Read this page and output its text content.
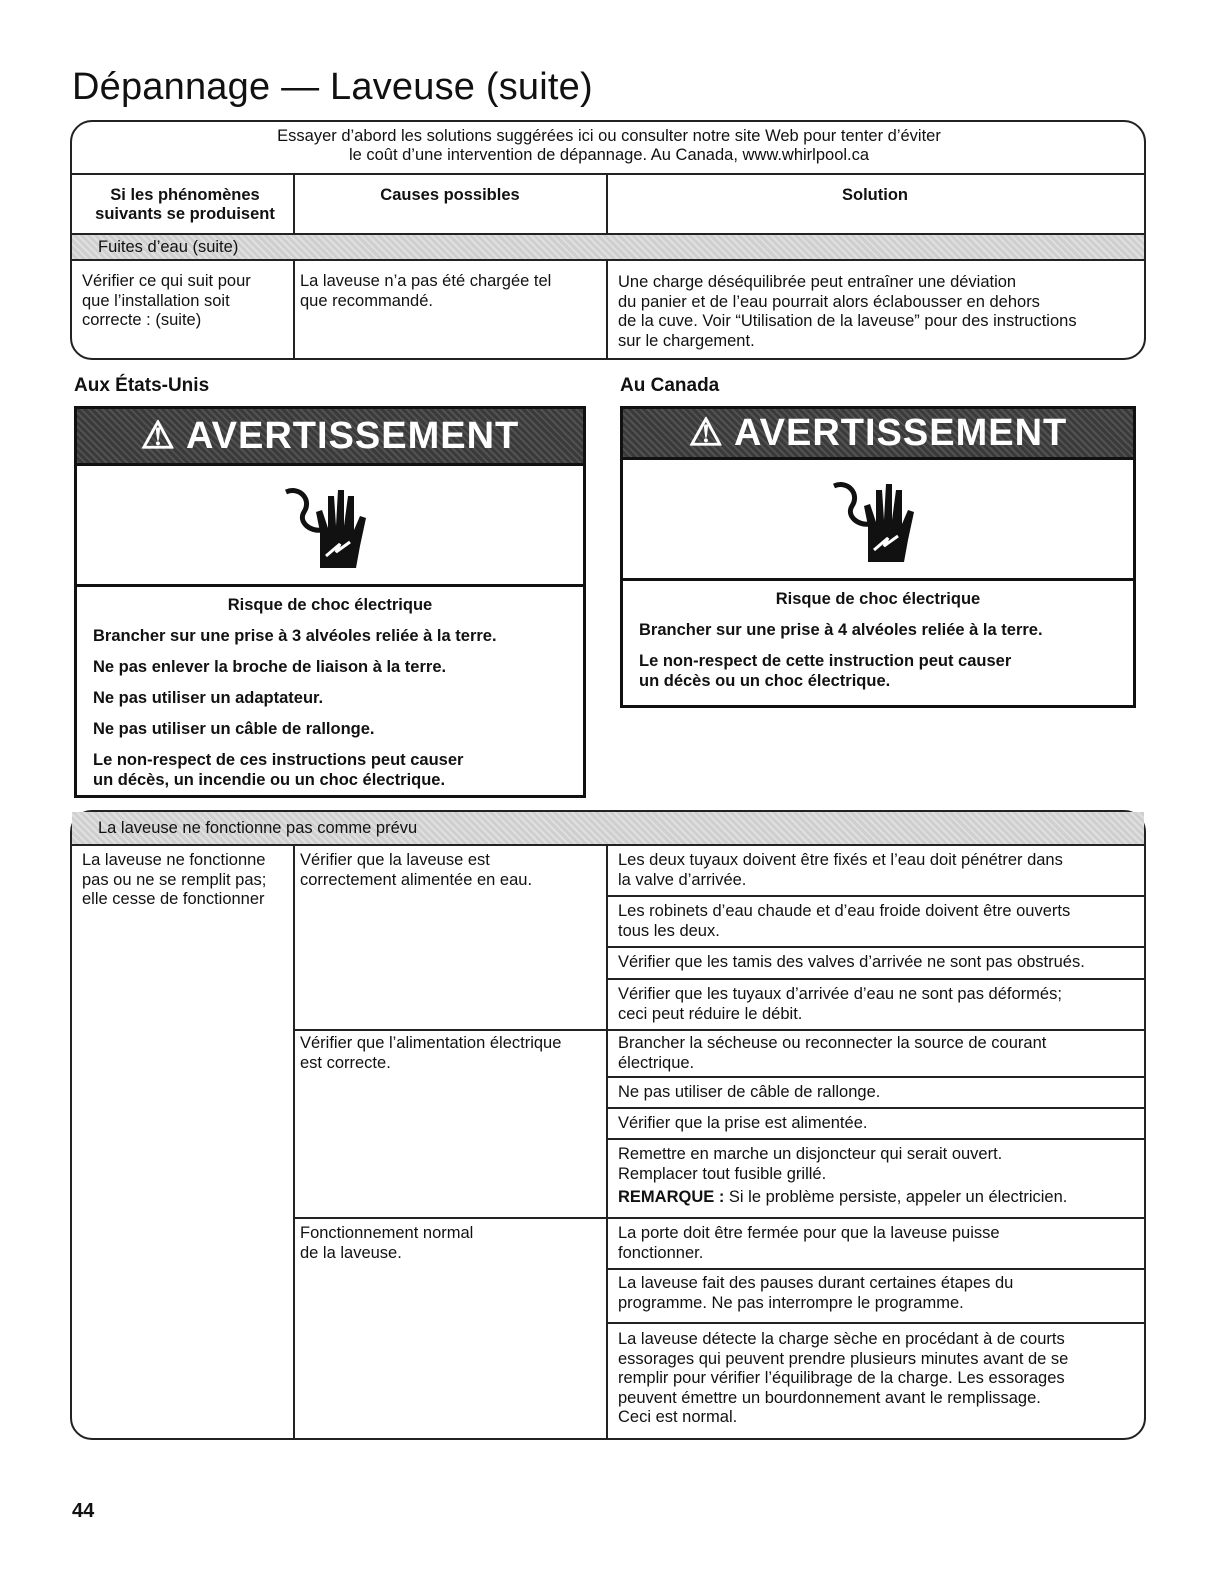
Dépannage — Laveuse (suite)
Essayer d’abord les solutions suggérées ici ou consulter notre site Web pour tenter d’éviter
le coût d’une intervention de dépannage. Au Canada, www.whirlpool.ca
Si les phénomènes
suivants se produisent
Causes possibles	Solution
Fuites d’eau (suite)
Vérifier ce qui suit pour
que l’installation soit
correcte : (suite)
La laveuse n’a pas été chargée tel
que recommandé.
Une charge déséquilibrée peut entraîner une déviation
du panier et de l’eau pourrait alors éclabousser en dehors
de la cuve. Voir “Utilisation de la laveuse” pour des instructions
sur le chargement.
Aux États-Unis	Au Canada
⚠ AVERTISSEMENT
Risque de choc électrique
Brancher sur une prise à 3 alvéoles reliée à la terre.
Ne pas enlever la broche de liaison à la terre.
Ne pas utiliser un adaptateur.
Ne pas utiliser un câble de rallonge.
Le non-respect de ces instructions peut causer
un décès, un incendie ou un choc électrique.
⚠ AVERTISSEMENT
Risque de choc électrique
Brancher sur une prise à 4 alvéoles reliée à la terre.
Le non-respect de cette instruction peut causer
un décès ou un choc électrique.
La laveuse ne fonctionne pas comme prévu
La laveuse ne fonctionne
pas ou ne se remplit pas;
elle cesse de fonctionner
Vérifier que la laveuse est
correctement alimentée en eau.
Les deux tuyaux doivent être fixés et l’eau doit pénétrer dans
la valve d’arrivée.
Les robinets d’eau chaude et d’eau froide doivent être ouverts
tous les deux.
Vérifier que les tamis des valves d’arrivée ne sont pas obstrués.
Vérifier que les tuyaux d’arrivée d’eau ne sont pas déformés;
ceci peut réduire le débit.
Vérifier que l’alimentation électrique
est correcte.
Brancher la sécheuse ou reconnecter la source de courant
électrique.
Ne pas utiliser de câble de rallonge.
Vérifier que la prise est alimentée.
Remettre en marche un disjoncteur qui serait ouvert.
Remplacer tout fusible grillé.
REMARQUE : Si le problème persiste, appeler un électricien.
Fonctionnement normal
de la laveuse.
La porte doit être fermée pour que la laveuse puisse
fonctionner.
La laveuse fait des pauses durant certaines étapes du
programme. Ne pas interrompre le programme.
La laveuse détecte la charge sèche en procédant à de courts
essorages qui peuvent prendre plusieurs minutes avant de se
remplir pour vérifier l’équilibrage de la charge. Les essorages
peuvent émettre un bourdonnement avant le remplissage.
Ceci est normal.
44
